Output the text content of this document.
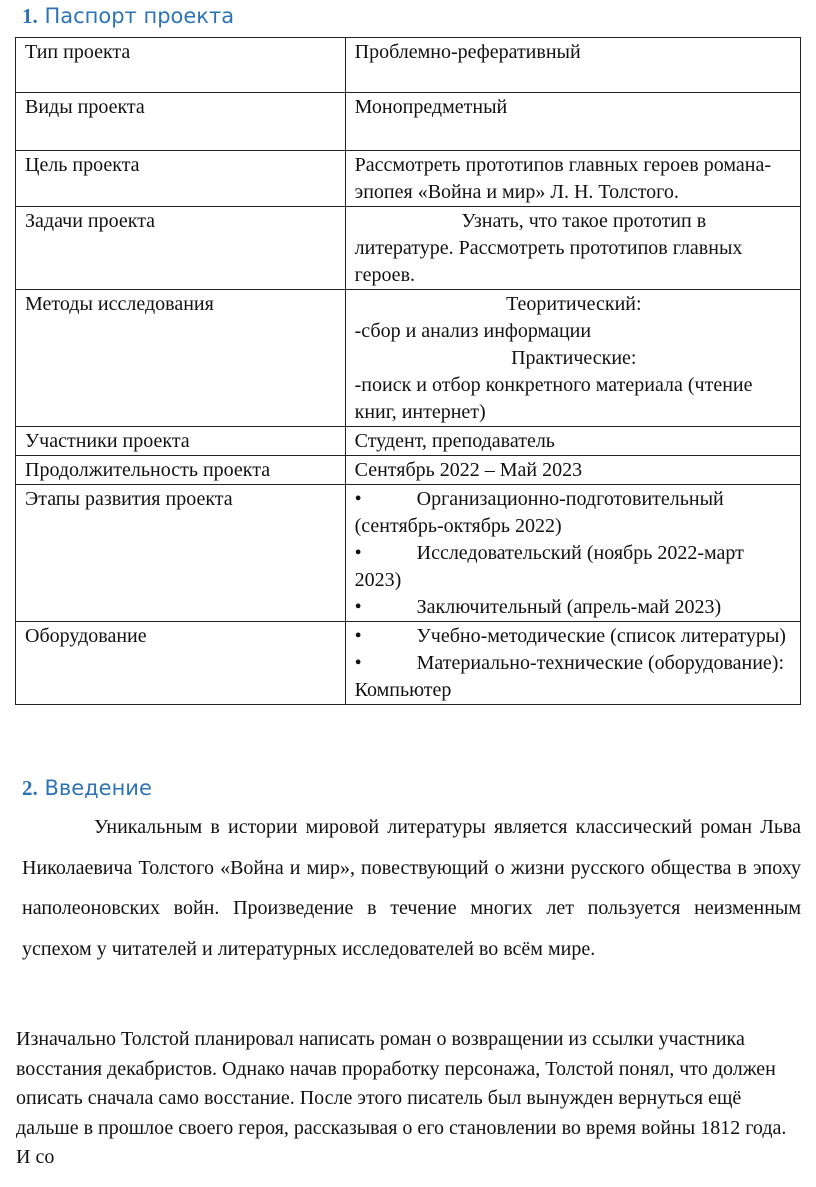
1. Паспорт проекта
Тип проекта	Проблемно-реферативный
Виды проекта	Монопредметный
Цель проекта	Рассмотреть прототипов главных героев романа- эпопея «Война и мир» Л. Н. Толстого.
Задачи проекта	Узнать, что такое прототип в
литературе. Рассмотреть прототипов главных героев.
Методы исследования	Теоритический:
-сбор и анализ информации
Практические:
-поиск и отбор конкретного материала (чтение книг, интернет)

Участники проекта	Студент, преподаватель
Продолжительность проекта	Сентябрь 2022 – Май 2023
Этапы развития проекта	• Организационно-подготовительный (сентябрь-октябрь 2022)
• Исследовательский (ноябрь 2022-март 2023)
• Заключительный (апрель-май 2023)

Оборудование	• Учебно-методические (список литературы)
• Материально-технические (оборудование): Компьютер
2. Введение

Уникальным в истории мировой литературы является классический роман Льва Николаевича Толстого «Война и мир», повествующий о жизни русского общества в эпоху наполеоновских войн. Произведение в течение многих лет пользуется неизменным успехом у читателей и литературных исследователей во всём мире.

Изначально Толстой планировал написать роман о возвращении из ссылки участника восстания декабристов. Однако начав проработку персонажа, Толстой понял, что должен описать сначала само восстание. После этого писатель был вынужден вернуться ещё дальше в прошлое своего героя, рассказывая о его становлении во время войны 1812 года. И со
